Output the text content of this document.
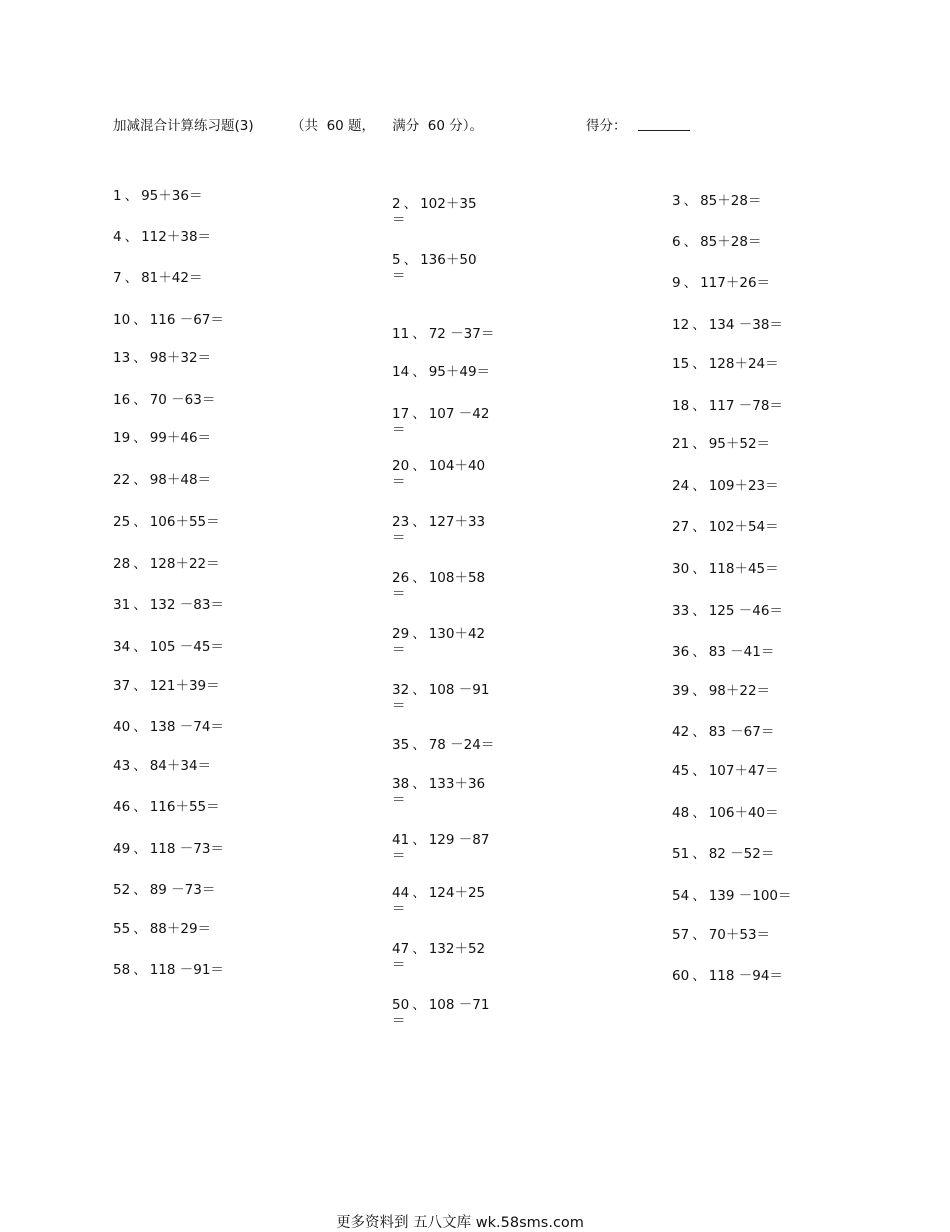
加减混合计算练习题(3)	（共  60 题，    满分  60 分）。	得分：
1 、 95＋36＝
4 、 112＋38＝
7 、 81＋42＝
10 、 116 －67＝
13 、 98＋32＝
16 、 70 －63＝
19 、 99＋46＝
22 、 98＋48＝
25 、 106＋55＝
28 、 128＋22＝
31 、 132 －83＝
34 、 105 －45＝
37 、 121＋39＝
40 、 138 －74＝
43 、 84＋34＝
46 、 116＋55＝
49 、 118 －73＝
52 、 89 －73＝
55 、 88＋29＝
58 、 118 －91＝
2 、 102＋35
＝
5 、 136＋50
＝
11 、 72 －37＝
14 、 95＋49＝
17 、 107 －42
＝
20 、 104＋40
＝
23 、 127＋33
＝
26 、 108＋58
＝
29 、 130＋42
＝
32 、 108 －91
＝
35 、 78 －24＝
38 、 133＋36
＝
41 、 129 －87
＝
44 、 124＋25
＝
47 、 132＋52
＝
50 、 108 －71
＝
3 、 85＋28＝
6 、 85＋28＝
9 、 117＋26＝
12 、 134 －38＝
15 、 128＋24＝
18 、 117 －78＝
21 、 95＋52＝
24 、 109＋23＝
27 、 102＋54＝
30 、 118＋45＝
33 、 125 －46＝
36 、 83 －41＝
39 、 98＋22＝
42 、 83 －67＝
45 、 107＋47＝
48 、 106＋40＝
51 、 82 －52＝
54 、 139 －100＝
57 、 70＋53＝
60 、 118 －94＝
更多资料到 五八文库 wk.58sms.com
